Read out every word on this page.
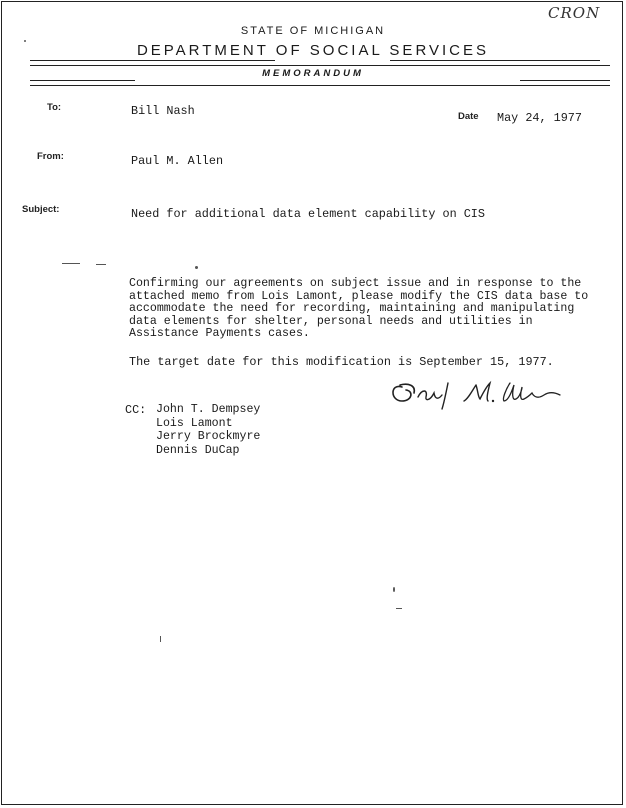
CRON
STATE OF MICHIGAN
DEPARTMENT OF SOCIAL SERVICES
MEMORANDUM
To:	Bill Nash	Date May 24, 1977
From:	Paul M. Allen
Subject:	Need for additional data element capability on CIS
Confirming our agreements on subject issue and in response to the
attached memo from Lois Lamont, please modify the CIS data base to
accommodate the need for recording, maintaining and manipulating
data elements for shelter, personal needs and utilities in
Assistance Payments cases.
The target date for this modification is September 15, 1977.
CC: John T. Dempsey
Lois Lamont
Jerry Brockmyre
Dennis DuCap
